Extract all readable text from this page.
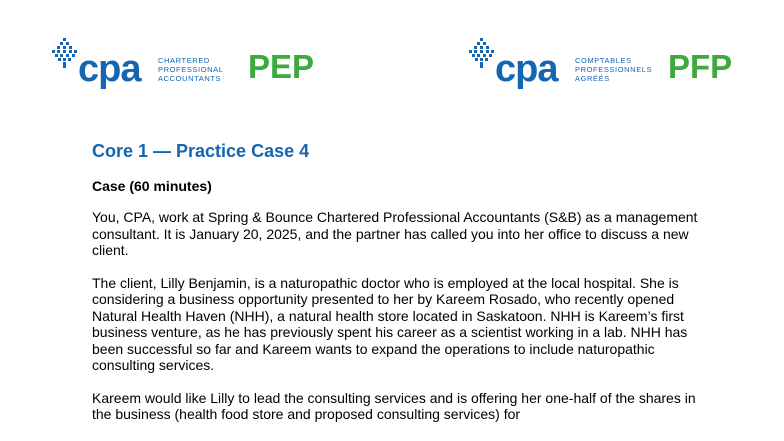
cpa CHARTERED
PROFESSIONAL
ACCOUNTANTS PEP	cpa COMPTABLES
PROFESSIONNELS
AGRÉÉS	PFP
Core 1 — Practice Case 4
Case (60 minutes)

You, CPA, work at Spring & Bounce Chartered Professional Accountants (S&B) as a management consultant. It is January 20, 2025, and the partner has called you into her office to discuss a new client.

The client, Lilly Benjamin, is a naturopathic doctor who is employed at the local hospital. She is considering a business opportunity presented to her by Kareem Rosado, who recently opened Natural Health Haven (NHH), a natural health store located in Saskatoon. NHH is Kareem’s first business venture, as he has previously spent his career as a scientist working in a lab. NHH has been successful so far and Kareem wants to expand the operations to include naturopathic consulting services.

Kareem would like Lilly to lead the consulting services and is offering her one-half of the shares in the business (health food store and proposed consulting services) for
